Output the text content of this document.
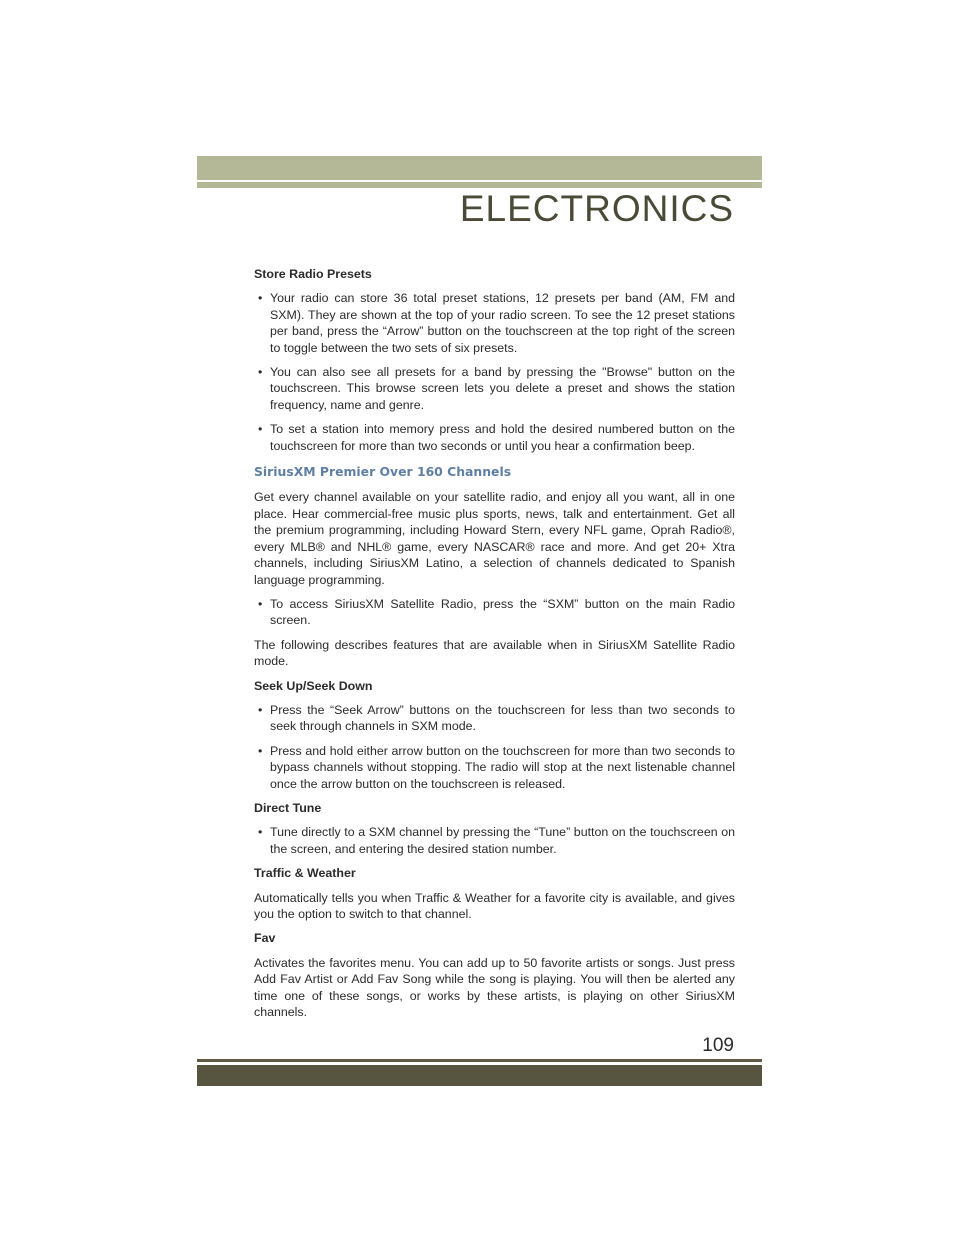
ELECTRONICS
Store Radio Presets
• Your radio can store 36 total preset stations, 12 presets per band (AM, FM and SXM). They are shown at the top of your radio screen. To see the 12 preset stations per band, press the “Arrow” button on the touchscreen at the top right of the screen to toggle between the two sets of six presets.
• You can also see all presets for a band by pressing the "Browse" button on the touchscreen. This browse screen lets you delete a preset and shows the station frequency, name and genre.
• To set a station into memory press and hold the desired numbered button on the touchscreen for more than two seconds or until you hear a confirmation beep.
SiriusXM Premier Over 160 Channels

Get every channel available on your satellite radio, and enjoy all you want, all in one place. Hear commercial-free music plus sports, news, talk and entertainment. Get all the premium programming, including Howard Stern, every NFL game, Oprah Radio®, every MLB® and NHL® game, every NASCAR® race and more. And get 20+ Xtra channels, including SiriusXM Latino, a selection of channels dedicated to Spanish language programming.

• To access SiriusXM Satellite Radio, press the “SXM” button on the main Radio screen.

The following describes features that are available when in SiriusXM Satellite Radio mode.

Seek Up/Seek Down
• Press the “Seek Arrow” buttons on the touchscreen for less than two seconds to seek through channels in SXM mode.
• Press and hold either arrow button on the touchscreen for more than two seconds to bypass channels without stopping. The radio will stop at the next listenable channel once the arrow button on the touchscreen is released.
Direct Tune
• Tune directly to a SXM channel by pressing the “Tune” button on the touchscreen on the screen, and entering the desired station number.
Traffic & Weather

Automatically tells you when Traffic & Weather for a favorite city is available, and gives you the option to switch to that channel.

Fav

Activates the favorites menu. You can add up to 50 favorite artists or songs. Just press Add Fav Artist or Add Fav Song while the song is playing. You will then be alerted any time one of these songs, or works by these artists, is playing on other SiriusXM channels.

109
